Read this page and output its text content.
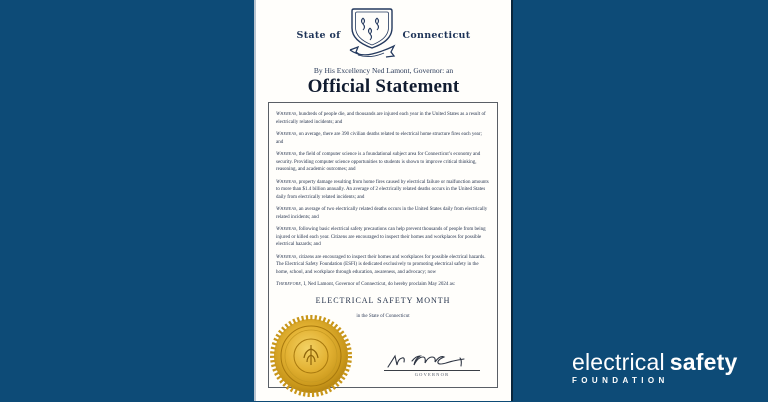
State of	Connecticut
By His Excellency Ned Lamont, Governor: an
Official Statement

Whereas, hundreds of people die, and thousands are injured each year in the United States as a result of electrically related incidents; and

Whereas, on average, there are 390 civilian deaths related to electrical home structure fires each year; and

Whereas, the field of computer science is a foundational subject area for Connecticut’s economy and security. Providing computer science opportunities to students is shown to improve critical thinking, reasoning, and academic outcomes; and

Whereas, property damage resulting from home fires caused by electrical failure or malfunction amounts to more than $1.4 billion annually. An average of 2 electrically related deaths occurs in the United States daily from electrically related incidents; and

Whereas, an average of two electrically related deaths occurs in the United States daily from electrically related incidents; and

Whereas, following basic electrical safety precautions can help prevent thousands of people from being injured or killed each year. Citizens are encouraged to inspect their homes and workplaces for possible electrical hazards; and

Whereas, citizens are encouraged to inspect their homes and workplaces for possible electrical hazards. The Electrical Safety Foundation (ESFI) is dedicated exclusively to promoting electrical safety in the home, school, and workplace through education, awareness, and advocacy; now

Therefore, I, Ned Lamont, Governor of Connecticut, do hereby proclaim May 2024 as:

ELECTRICAL SAFETY MONTH
in the State of Connecticut
GOVERNOR	electrical safety
FOUNDATION
